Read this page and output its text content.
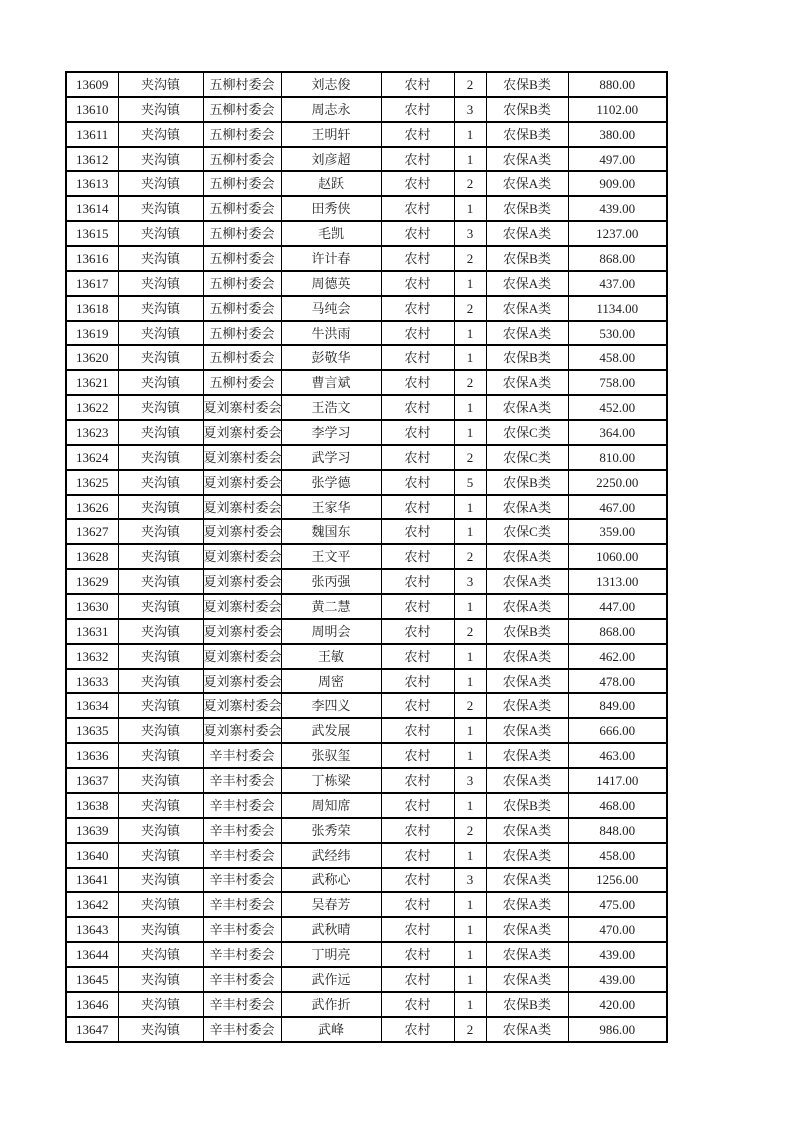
13609	夹沟镇	五柳村委会	刘志俊	农村	2	农保B类	880.00
13610	夹沟镇	五柳村委会	周志永	农村	3	农保B类	1102.00
13611	夹沟镇	五柳村委会	王明轩	农村	1	农保B类	380.00
13612	夹沟镇	五柳村委会	刘彦超	农村	1	农保A类	497.00
13613	夹沟镇	五柳村委会	赵跃	农村	2	农保A类	909.00
13614	夹沟镇	五柳村委会	田秀侠	农村	1	农保B类	439.00
13615	夹沟镇	五柳村委会	毛凯	农村	3	农保A类	1237.00
13616	夹沟镇	五柳村委会	许计春	农村	2	农保B类	868.00
13617	夹沟镇	五柳村委会	周德英	农村	1	农保A类	437.00
13618	夹沟镇	五柳村委会	马纯会	农村	2	农保A类	1134.00
13619	夹沟镇	五柳村委会	牛洪雨	农村	1	农保A类	530.00
13620	夹沟镇	五柳村委会	彭敬华	农村	1	农保B类	458.00
13621	夹沟镇	五柳村委会	曹言斌	农村	2	农保A类	758.00
13622	夹沟镇	夏刘寨村委会	王浩文	农村	1	农保A类	452.00
13623	夹沟镇	夏刘寨村委会	李学习	农村	1	农保C类	364.00
13624	夹沟镇	夏刘寨村委会	武学习	农村	2	农保C类	810.00
13625	夹沟镇	夏刘寨村委会	张学德	农村	5	农保B类	2250.00
13626	夹沟镇	夏刘寨村委会	王家华	农村	1	农保A类	467.00
13627	夹沟镇	夏刘寨村委会	魏国东	农村	1	农保C类	359.00
13628	夹沟镇	夏刘寨村委会	王文平	农村	2	农保A类	1060.00
13629	夹沟镇	夏刘寨村委会	张丙强	农村	3	农保A类	1313.00
13630	夹沟镇	夏刘寨村委会	黄二慧	农村	1	农保A类	447.00
13631	夹沟镇	夏刘寨村委会	周明会	农村	2	农保B类	868.00
13632	夹沟镇	夏刘寨村委会	王敏	农村	1	农保A类	462.00
13633	夹沟镇	夏刘寨村委会	周密	农村	1	农保A类	478.00
13634	夹沟镇	夏刘寨村委会	李四义	农村	2	农保A类	849.00
13635	夹沟镇	夏刘寨村委会	武发展	农村	1	农保A类	666.00
13636	夹沟镇	辛丰村委会	张驭玺	农村	1	农保A类	463.00
13637	夹沟镇	辛丰村委会	丁栋梁	农村	3	农保A类	1417.00
13638	夹沟镇	辛丰村委会	周知席	农村	1	农保B类	468.00
13639	夹沟镇	辛丰村委会	张秀荣	农村	2	农保A类	848.00
13640	夹沟镇	辛丰村委会	武经纬	农村	1	农保A类	458.00
13641	夹沟镇	辛丰村委会	武称心	农村	3	农保A类	1256.00
13642	夹沟镇	辛丰村委会	吴春芳	农村	1	农保A类	475.00
13643	夹沟镇	辛丰村委会	武秋晴	农村	1	农保A类	470.00
13644	夹沟镇	辛丰村委会	丁明亮	农村	1	农保A类	439.00
13645	夹沟镇	辛丰村委会	武作远	农村	1	农保A类	439.00
13646	夹沟镇	辛丰村委会	武作折	农村	1	农保B类	420.00
13647	夹沟镇	辛丰村委会	武峰	农村	2	农保A类	986.00
